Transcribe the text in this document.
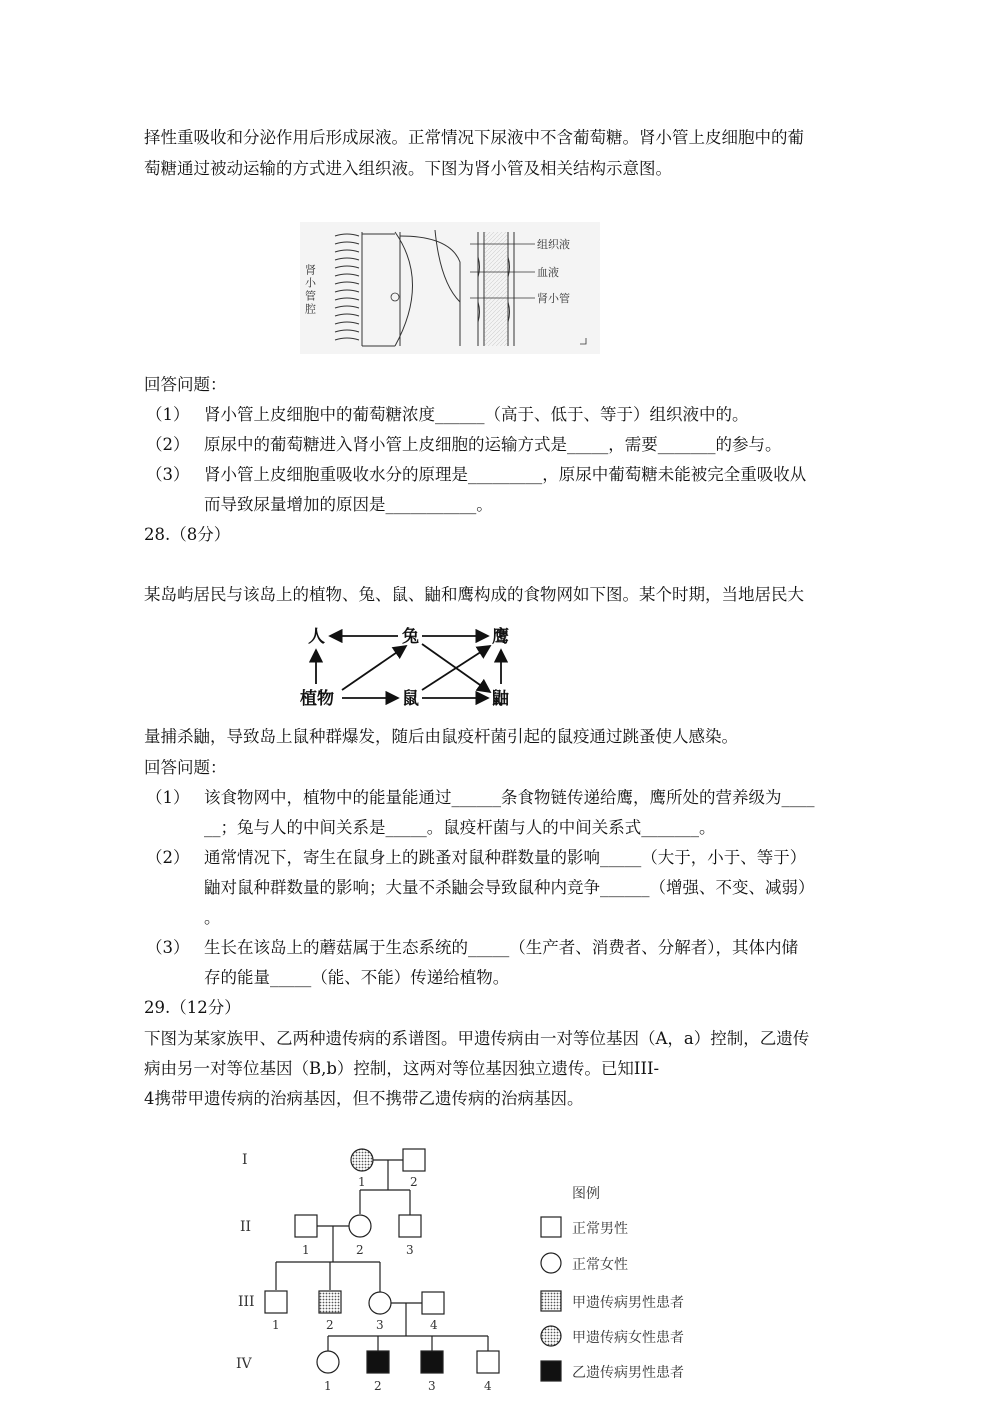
择性重吸收和分泌作用后形成尿液。正常情况下尿液中不含葡萄糖。肾小管上皮细胞中的葡
萄糖通过被动运输的方式进入组织液。下图为肾小管及相关结构示意图。
肾小管腔
组织液
血液
肾小管
回答问题：
（1） 肾小管上皮细胞中的葡萄糖浓度______（高于、低于、等于）组织液中的。
（2） 原尿中的葡萄糖进入肾小管上皮细胞的运输方式是_____，需要_______的参与。
（3） 肾小管上皮细胞重吸收水分的原理是_________，原尿中葡萄糖未能被完全重吸收从
而导致尿量增加的原因是___________。
28.（8分）
某岛屿居民与该岛上的植物、兔、鼠、鼬和鹰构成的食物网如下图。某个时期，当地居民大
人	兔	鹰
植物	鼠	鼬
量捕杀鼬，导致岛上鼠种群爆发，随后由鼠疫杆菌引起的鼠疫通过跳蚤使人感染。
回答问题：
（1） 该食物网中，植物中的能量能通过______条食物链传递给鹰，鹰所处的营养级为____
__；兔与人的中间关系是_____。鼠疫杆菌与人的中间关系式_______。
（2） 通常情况下，寄生在鼠身上的跳蚤对鼠种群数量的影响_____（大于，小于、等于）
鼬对鼠种群数量的影响；大量不杀鼬会导致鼠种内竞争______（增强、不变、减弱）
。
（3） 生长在该岛上的蘑菇属于生态系统的_____（生产者、消费者、分解者），其体内储
存的能量_____（能、不能）传递给植物。
29.（12分）
下图为某家族甲、乙两种遗传病的系谱图。甲遗传病由一对等位基因（A，a）控制，乙遗传
病由另一对等位基因（B,b）控制，这两对等位基因独立遗传。已知III-
4携带甲遗传病的治病基因，但不携带乙遗传病的治病基因。
I
II
III
IV
1	2
1	2	3
1	2	3	4
1	2	3	4
图例
正常男性
正常女性
甲遗传病男性患者
甲遗传病女性患者
乙遗传病男性患者
